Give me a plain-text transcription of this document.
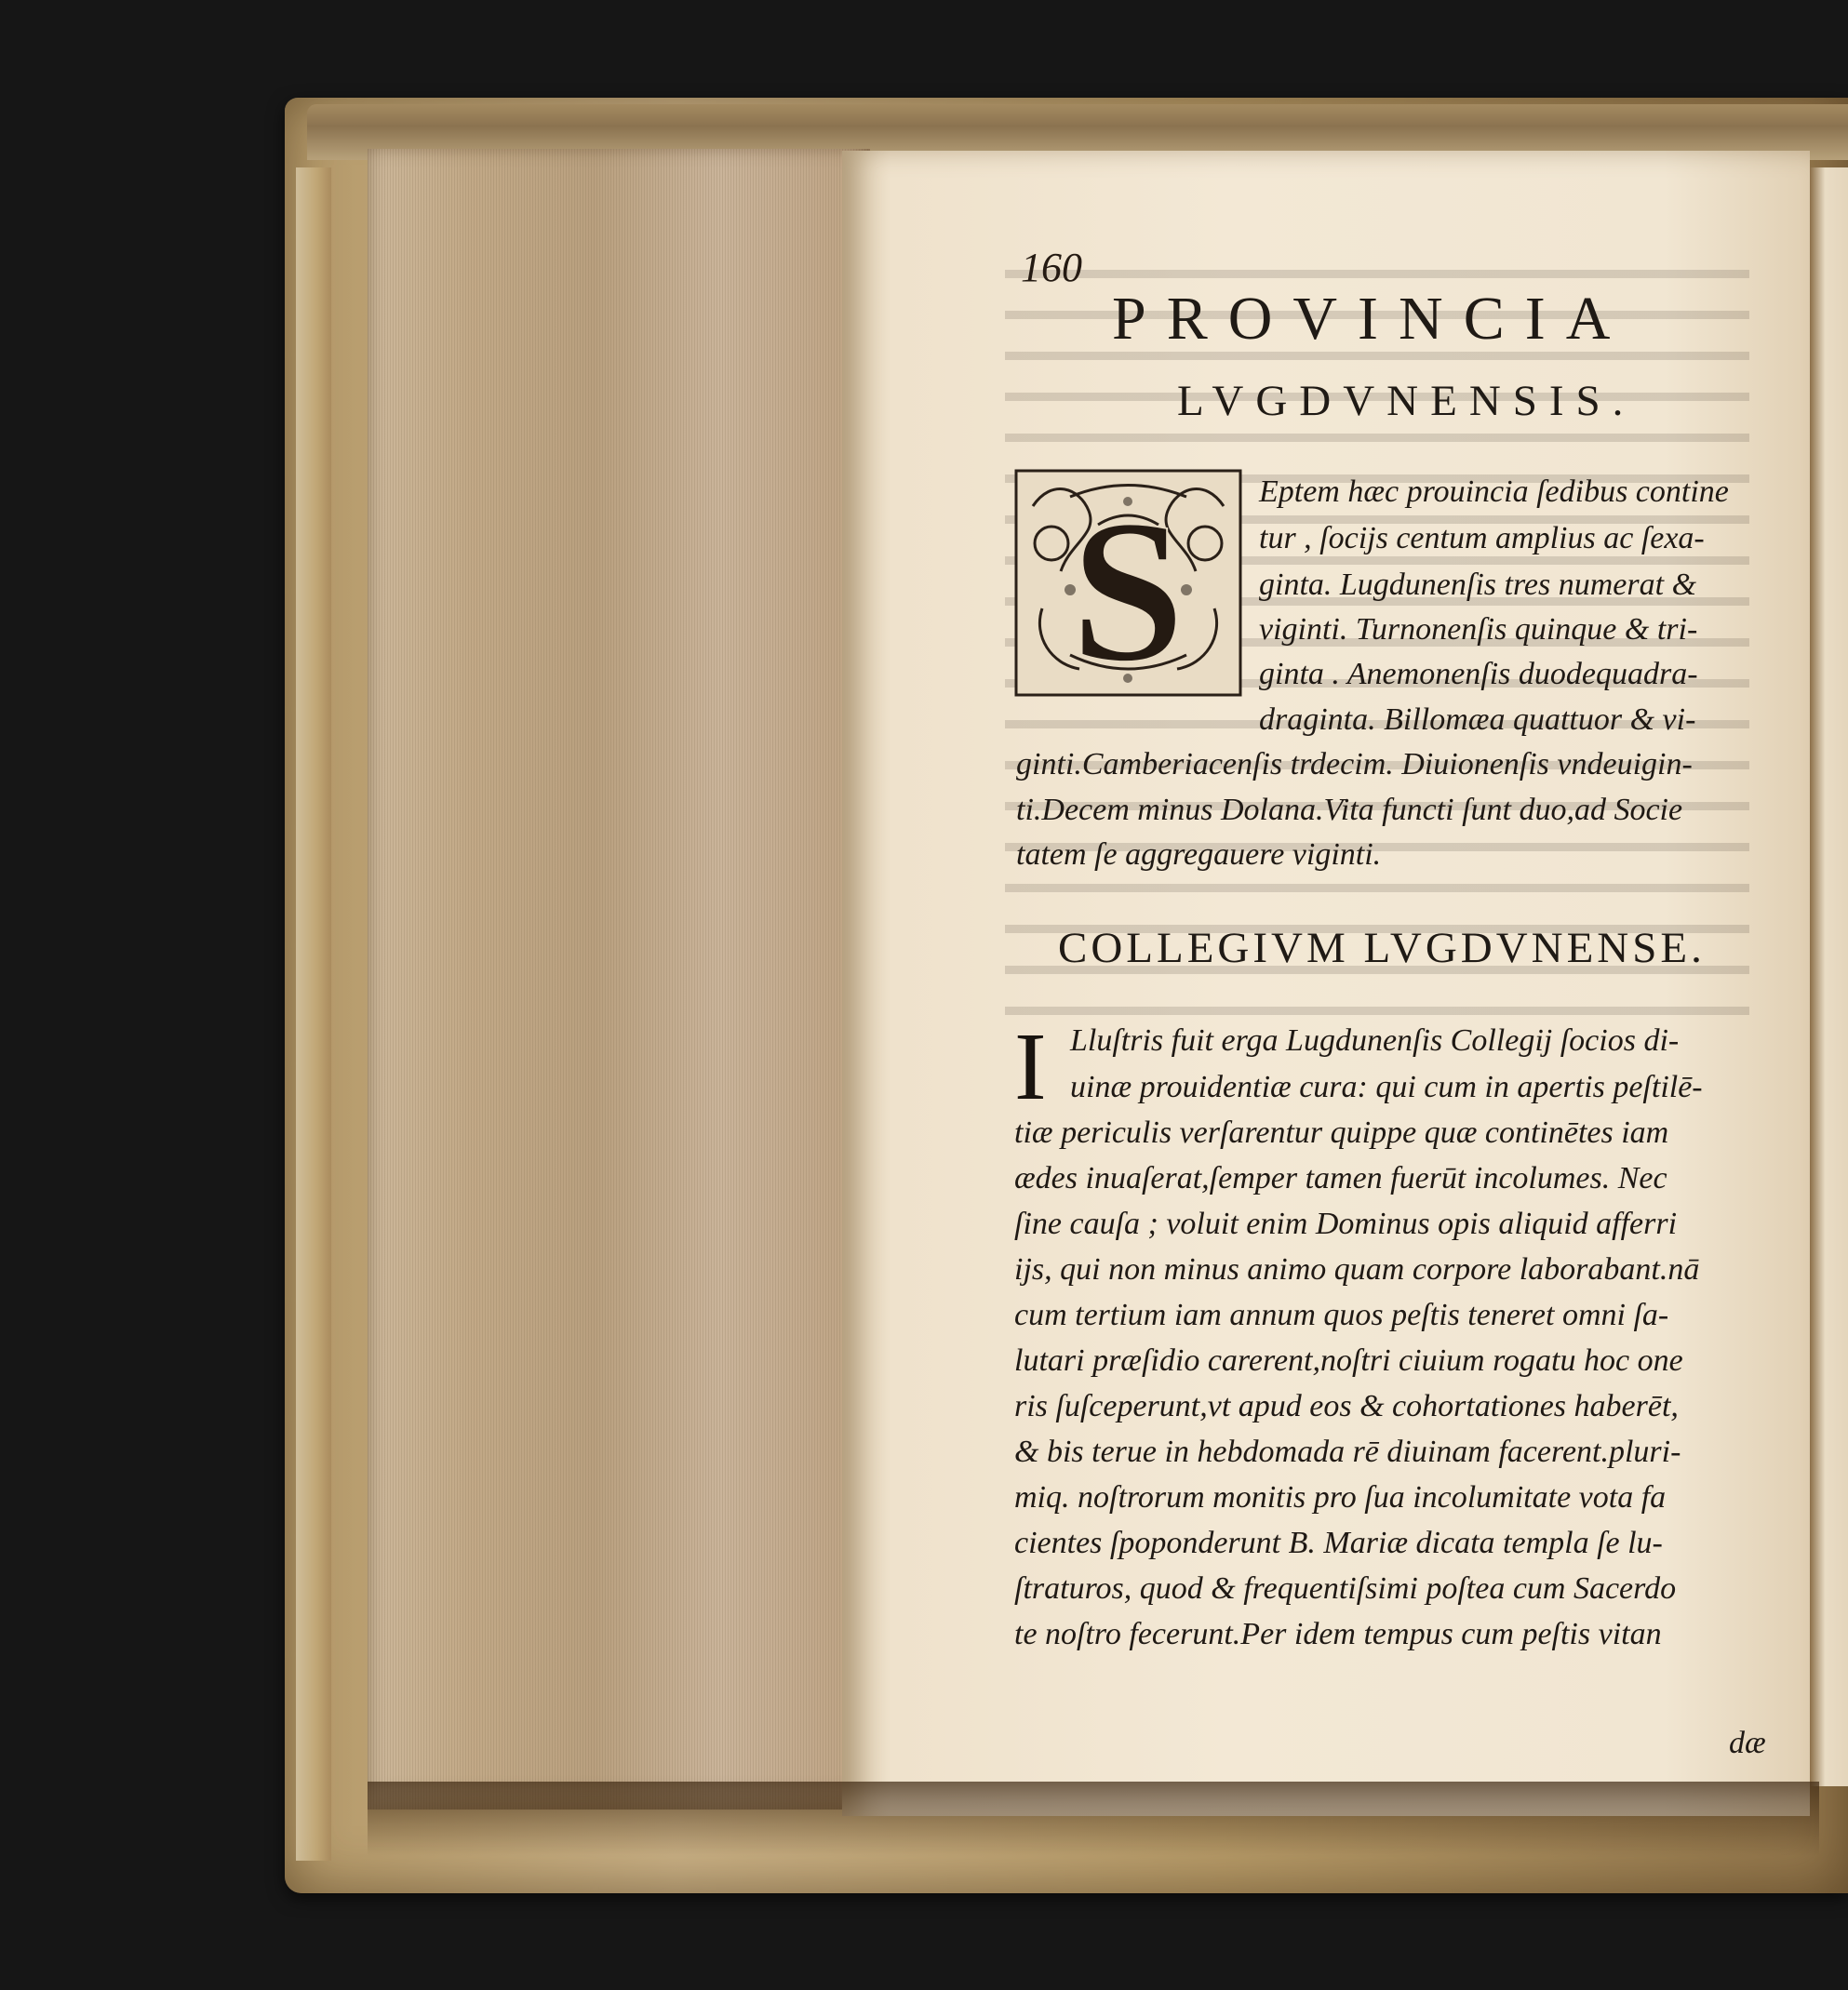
160
PROVINCIA
LVGDVNENSIS.
S Eptem hæc prouincia ſedibus contine
tur , ſocijs centum amplius ac ſexa-
ginta. Lugdunenſis tres numerat &
viginti. Turnonenſis quinque & tri-
ginta . Anemonenſis duodequadra-
draginta. Billomæa quattuor & vi-
ginti.Camberiacenſis trdecim. Diuionenſis vndeuigin-
ti.Decem minus Dolana.Vita functi ſunt duo,ad Socie
tatem ſe aggregauere viginti.
COLLEGIVM LVGDVNENSE.
I Lluſtris fuit erga Lugdunenſis Collegij ſocios di-
uinæ prouidentiæ cura: qui cum in apertis peſtilē-
tiæ periculis verſarentur quippe quæ continētes iam
ædes inuaſerat,ſemper tamen fuerūt incolumes. Nec
ſine cauſa ; voluit enim Dominus opis aliquid afferri
ijs, qui non minus animo quam corpore laborabant.nā
cum tertium iam annum quos peſtis teneret omni ſa-
lutari præſidio carerent,noſtri ciuium rogatu hoc one
ris ſuſceperunt,vt apud eos & cohortationes haberēt,
& bis terue in hebdomada rē diuinam facerent.pluri-
miq. noſtrorum monitis pro ſua incolumitate vota fa
cientes ſpoponderunt B. Mariæ dicata templa ſe lu-
ſtraturos, quod & frequentiſsimi poſtea cum Sacerdo
te noſtro fecerunt.Per idem tempus cum peſtis vitan
dæ
